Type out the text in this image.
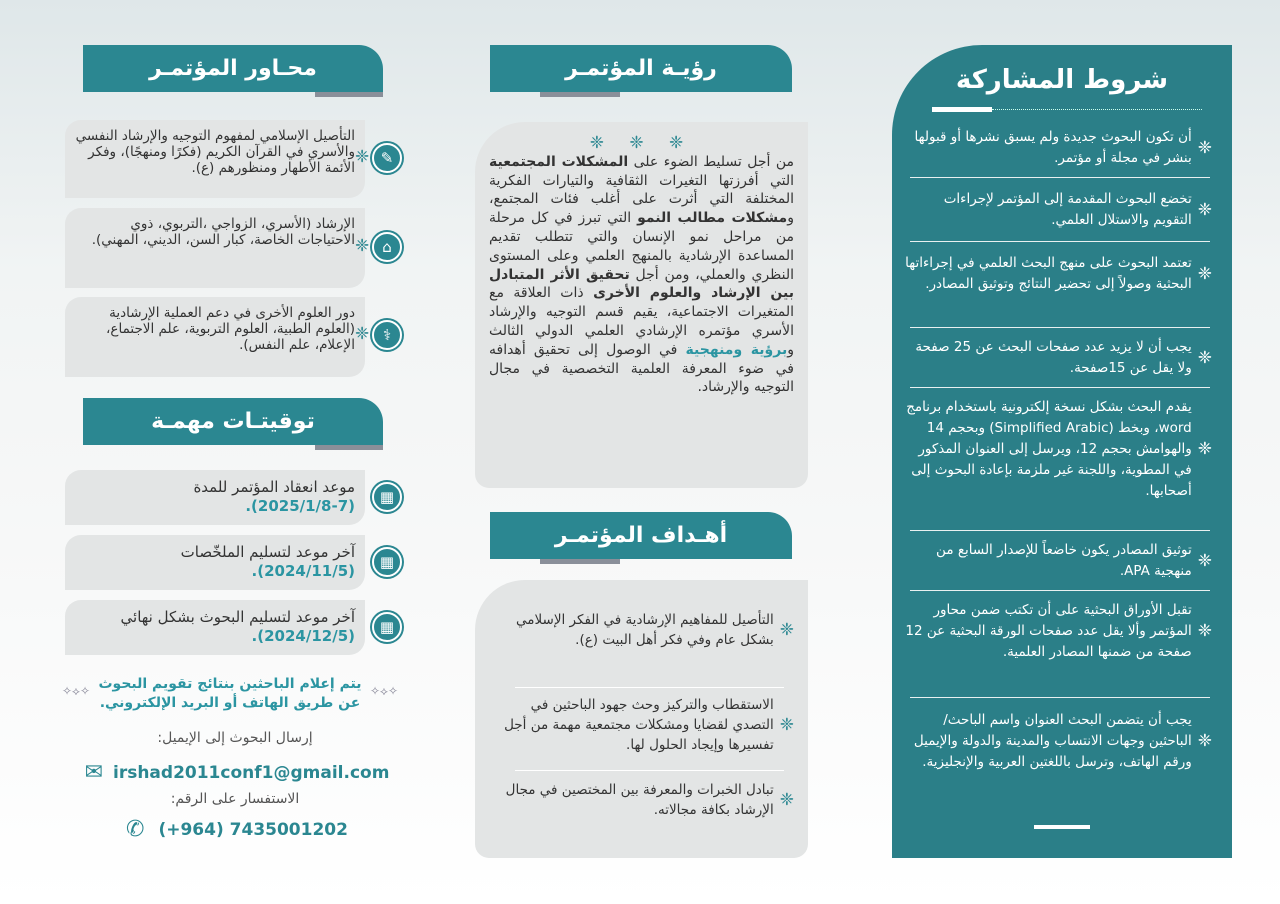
شروط المشاركة
❈
أن تكون البحوث جديدة ولم يسبق نشرها أو قبولها بنشر في مجلة أو مؤتمر.
❈
تخضع البحوث المقدمة إلى المؤتمر لإجراءات التقويم والاستلال العلمي.
❈
تعتمد البحوث على منهج البحث العلمي في إجراءاتها البحثية وصولاً إلى تحضير النتائج وتوثيق المصادر.
❈
يجب أن لا يزيد عدد صفحات البحث عن 25 صفحة ولا يقل عن 15صفحة.
❈
يقدم البحث بشكل نسخة إلكترونية باستخدام برنامج word، وبخط (Simplified Arabic) وبحجم 14 والهوامش بحجم 12، ويرسل إلى العنوان المذكور في المطوية، واللجنة غير ملزمة بإعادة البحوث إلى أصحابها.
❈
توثيق المصادر يكون خاضعاً للإصدار السابع من منهجية APA.
❈
تقبل الأوراق البحثية على أن تكتب ضمن محاور المؤتمر وألا يقل عدد صفحات الورقة البحثية عن 12 صفحة من ضمنها المصادر العلمية.
❈
يجب أن يتضمن البحث العنوان واسم الباحث/الباحثين وجهات الانتساب والمدينة والدولة والإيميل ورقم الهاتف، وترسل باللغتين العربية والإنجليزية.
رؤيـة المؤتمـر
❈ ❈ ❈

من أجل تسليط الضوء على المشكلات المجتمعية التي أفرزتها التغيرات الثقافية والتيارات الفكرية المختلفة التي أثرت على أغلب فئات المجتمع، ومشكلات مطالب النمو التي تبرز في كل مرحلة من مراحل نمو الإنسان والتي تتطلب تقديم المساعدة الإرشادية بالمنهج العلمي وعلى المستوى النظري والعملي، ومن أجل تحقيق الأثر المتبادل بين الإرشاد والعلوم الأخرى ذات العلاقة مع المتغيرات الاجتماعية، يقيم قسم التوجيه والإرشاد الأسري مؤتمره الإرشادي العلمي الدولي الثالث وبرؤية ومنهجية في الوصول إلى تحقيق أهدافه في ضوء المعرفة العلمية التخصصية في مجال التوجيه والإرشاد.

أهـداف المؤتمـر
❈
التأصيل للمفاهيم الإرشادية في الفكر الإسلامي بشكل عام وفي فكر أهل البيت (ع).
❈
الاستقطاب والتركيز وحث جهود الباحثين في التصدي لقضايا ومشكلات مجتمعية مهمة من أجل تفسيرها وإيجاد الحلول لها.
❈
تبادل الخبرات والمعرفة بين المختصين في مجال الإرشاد بكافة مجالاته.
محـاور المؤتمـر
التأصيل الإسلامي لمفهوم التوجيه والإرشاد النفسي والأسري في القرآن الكريم (فكرًا ومنهجًا)، وفكر الأئمة الأطهار ومنظورهم (ع).
✎
❈
الإرشاد (الأسري، الزواجي ،التربوي، ذوي الاحتياجات الخاصة، كبار السن، الديني، المهني).	⌂
❈
دور العلوم الأخرى في دعم العملية الإرشادية (العلوم الطبية، العلوم التربوية، علم الاجتماع، الإعلام، علم النفس).
⚕
❈
توقيتـات مهمـة
موعد انعقاد المؤتمر للمدة
(2025/1/8-7).	▦
آخر موعد لتسليم الملخّصات
(2024/11/5).	▦
آخر موعد لتسليم البحوث بشكل نهائي
(2024/12/5).	▦
يتم إعلام الباحثين بنتائج تقويم البحوث عن طريق الهاتف أو البريد الإلكتروني.
✧⟡✧	✧⟡✧
إرسال البحوث إلى الإيميل:
✉ irshad2011conf1@gmail.com
الاستفسار على الرقم:
✆ (+964) 7435001202
